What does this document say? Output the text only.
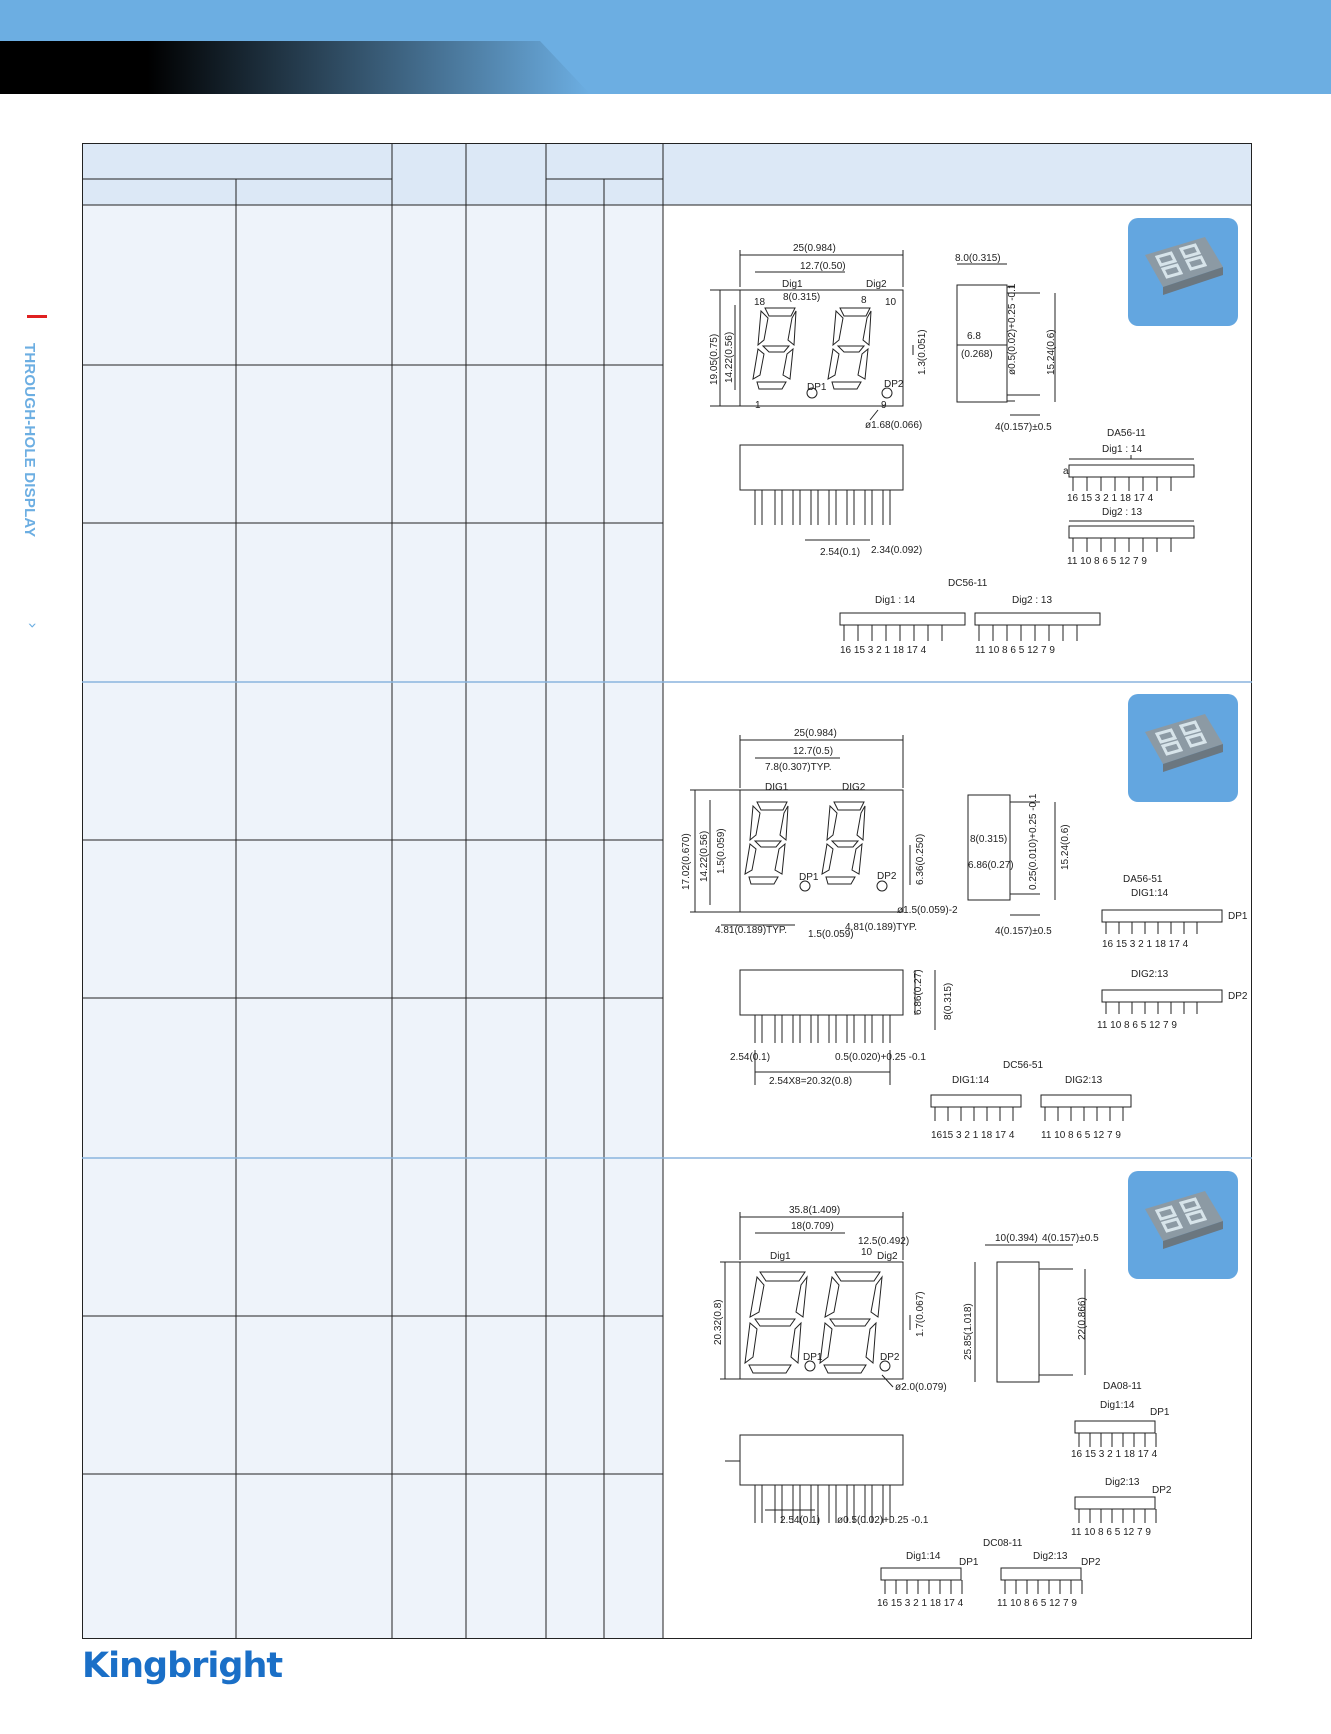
THROUGH-HOLE DISPLAY
›
25(0.984)
12.7(0.50)
Dig1	Dig2
8(0.315)
18	8 10
DP1	DP2
1	9
ø1.68(0.066)
19.05(0.75) 14.22(0.56)	1.3(0.051)
8.0(0.315)
6.8
(0.268) ø0.5(0.02)+0.25 -0.1	15.24(0.6)
4(0.157)±0.5
2.54(0.1) 2.34(0.092)
DA56-11
Dig1 : 14
a
16 15 3 2 1 18 17 4
Dig2 : 13
11 10 8 6 5 12 7 9
DC56-11
Dig1 : 14	Dig2 : 13
16 15 3 2 1 18 17 4	11 10 8 6 5 12 7 9
25(0.984)
12.7(0.5)
7.8(0.307)TYP.
DIG1	DIG2
DP1	DP2
17.02(0.670) 14.22(0.56) 1.5(0.059)	6.36(0.250)
ø1.5(0.059)-2
4.81(0.189)TYP.	4.81(0.189)TYP.
1.5(0.059)
8(0.315)
6.86(0.27) 0.25(0.010)+0.25 -0.1 15.24(0.6)
4(0.157)±0.5
6.86(0.27) 8(0.315)
2.54(0.1)	0.5(0.020)+0.25 -0.1
2.54X8=20.32(0.8)
DA56-51
DIG1:14
DP1
16 15 3 2 1 18 17 4
DIG2:13
DP2
11 10 8 6 5 12 7 9
DC56-51
DIG1:14	DIG2:13
1615 3 2 1 18 17 4	11 10 8 6 5 12 7 9
35.8(1.409)
18(0.709)
12.5(0.492)
10
Dig1	Dig2
DP1	DP2
ø2.0(0.079)
20.32(0.8)	1.7(0.067)
10(0.394) 4(0.157)±0.5
25.85(1.018)	22(0.866)
2.54(0.1) ø0.5(0.02)+0.25 -0.1
DA08-11
Dig1:14
DP1
16 15 3 2 1 18 17 4
Dig2:13
DP2
11 10 8 6 5 12 7 9
DC08-11
Dig1:14	Dig2:13
DP1	DP2
16 15 3 2 1 18 17 4	11 10 8 6 5 12 7 9
Kingbright
